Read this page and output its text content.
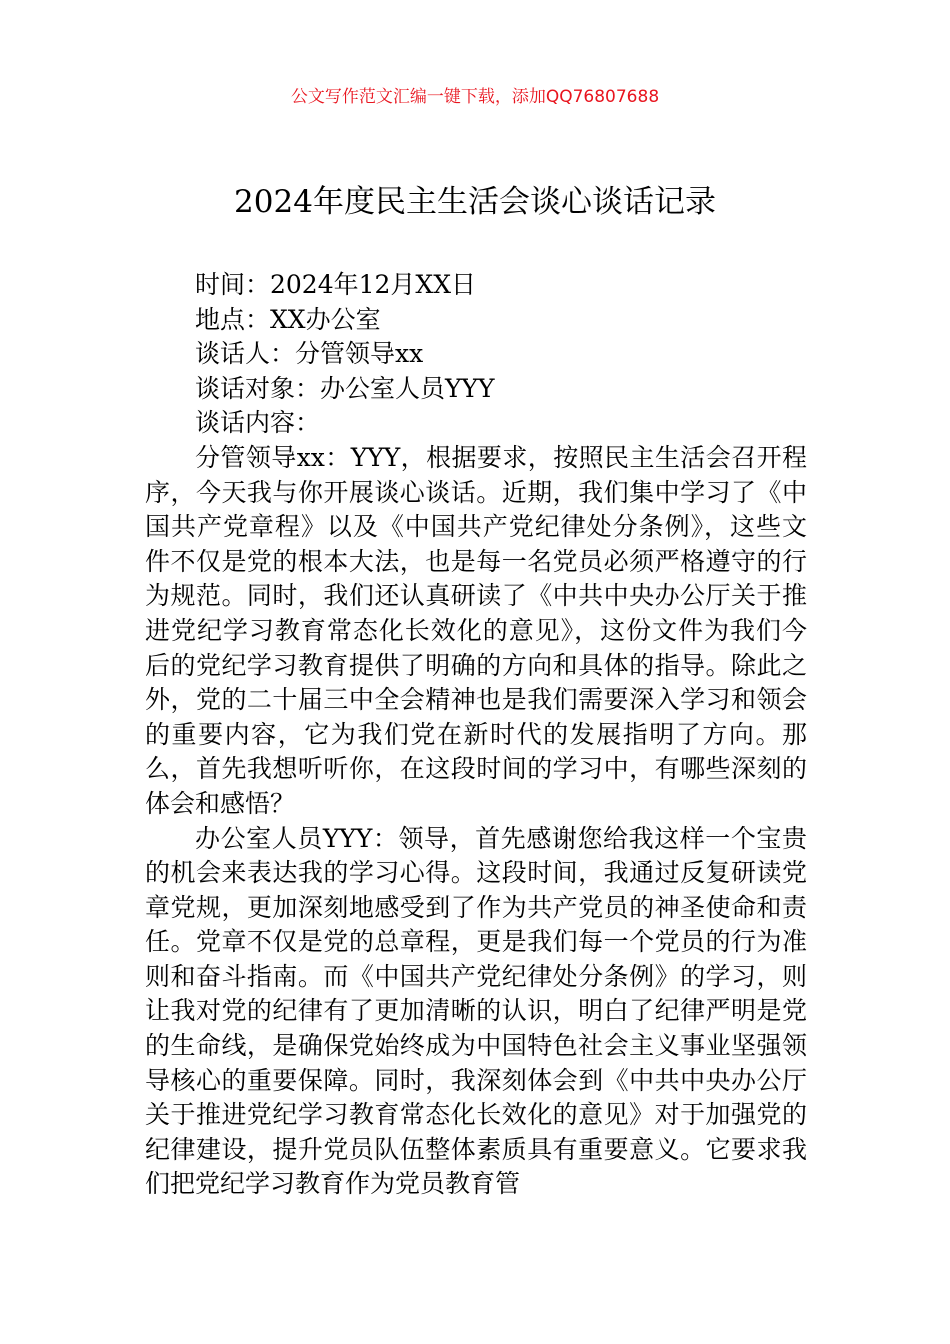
公文写作范文汇编一键下载，添加QQ76807688
2024年度民主生活会谈心谈话记录
时间：2024年12月XX日
地点：XX办公室
谈话人：分管领导xx
谈话对象：办公室人员YYY
谈话内容：

分管领导xx：YYY，根据要求，按照民主生活会召开程序，今天我与你开展谈心谈话。近期，我们集中学习了《中国共产党章程》以及《中国共产党纪律处分条例》，这些文件不仅是党的根本大法，也是每一名党员必须严格遵守的行为规范。同时，我们还认真研读了《中共中央办公厅关于推进党纪学习教育常态化长效化的意见》，这份文件为我们今后的党纪学习教育提供了明确的方向和具体的指导。除此之外，党的二十届三中全会精神也是我们需要深入学习和领会的重要内容，它为我们党在新时代的发展指明了方向。那么，首先我想听听你，在这段时间的学习中，有哪些深刻的体会和感悟？

办公室人员YYY：领导，首先感谢您给我这样一个宝贵的机会来表达我的学习心得。这段时间，我通过反复研读党章党规，更加深刻地感受到了作为共产党员的神圣使命和责任。党章不仅是党的总章程，更是我们每一个党员的行为准则和奋斗指南。而《中国共产党纪律处分条例》的学习，则让我对党的纪律有了更加清晰的认识，明白了纪律严明是党的生命线，是确保党始终成为中国特色社会主义事业坚强领导核心的重要保障。同时，我深刻体会到《中共中央办公厅关于推进党纪学习教育常态化长效化的意见》对于加强党的纪律建设，提升党员队伍整体素质具有重要意义。它要求我们把党纪学习教育作为党员教育管
